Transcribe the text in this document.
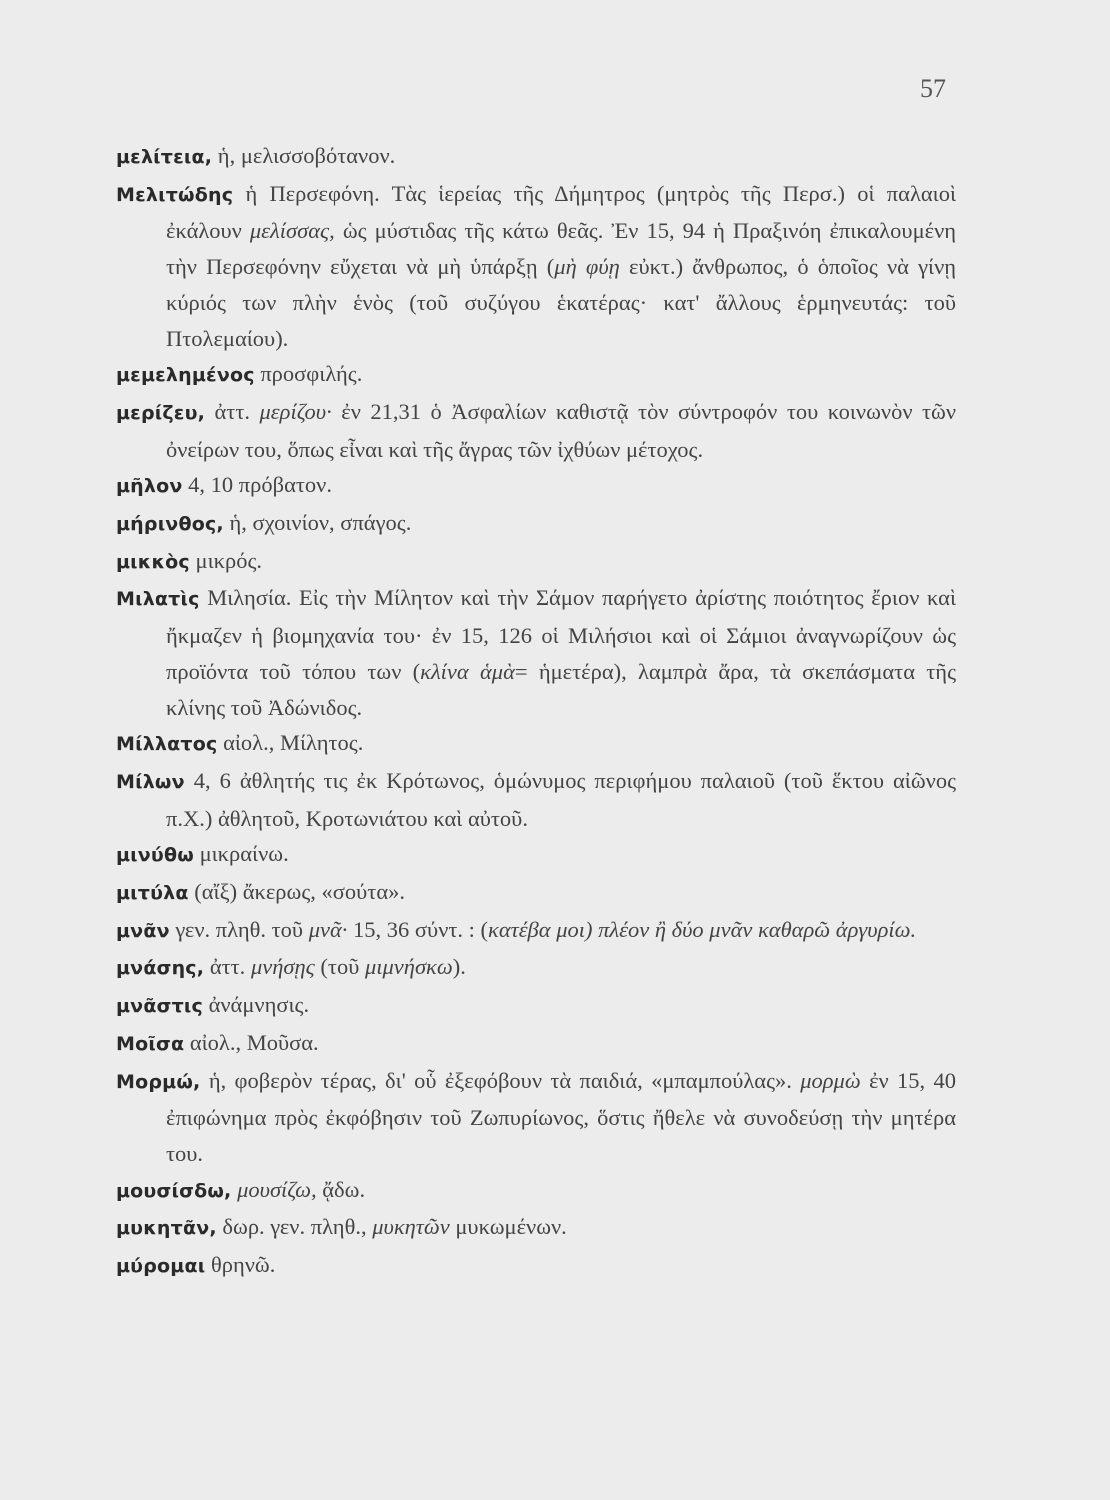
57

μελίτεια, ἡ, μελισσοβότανον.

Μελιτώδης ἡ Περσεφόνη. Τὰς ἱερείας τῆς Δήμητρος (μητρὸς τῆς Περσ.) οἱ παλαιοὶ ἐκάλουν μελίσσας, ὡς μύστιδας τῆς κάτω θεᾶς. Ἐν 15, 94 ἡ Πραξινόη ἐπικαλουμένη τὴν Περσεφόνην εὔχεται νὰ μὴ ὑπάρξῃ (μὴ φύῃ εὐκτ.) ἄνθρωπος, ὁ ὁποῖος νὰ γίνῃ κύριός των πλὴν ἑνὸς (τοῦ συζύγου ἑκατέρας· κατ' ἄλλους ἑρμηνευτάς: τοῦ Πτολεμαίου).

μεμελημένος προσφιλής.

μερίζευ, ἀττ. μερίζου· ἐν 21,31 ὁ Ἀσφαλίων καθιστᾷ τὸν σύντροφόν του κοινωνὸν τῶν ὀνείρων του, ὅπως εἶναι καὶ τῆς ἄγρας τῶν ἰχθύων μέτοχος.

μῆλον 4, 10 πρόβατον.

μήρινθος, ἡ, σχοινίον, σπάγος.

μικκὸς μικρός.

Μιλατὶς Μιλησία. Εἰς τὴν Μίλητον καὶ τὴν Σάμον παρήγετο ἀρίστης ποιότητος ἔριον καὶ ἤκμαζεν ἡ βιομηχανία του· ἐν 15, 126 οἱ Μιλήσιοι καὶ οἱ Σάμιοι ἀναγνωρίζουν ὡς προϊόντα τοῦ τόπου των (κλίνα ἁμὰ= ἡμετέρα), λαμπρὰ ἄρα, τὰ σκεπάσματα τῆς κλίνης τοῦ Ἀδώνιδος.

Μίλλατος αἰολ., Μίλητος.

Μίλων 4, 6 ἀθλητής τις ἐκ Κρότωνος, ὁμώνυμος περιφήμου παλαιοῦ (τοῦ ἕκτου αἰῶνος π.Χ.) ἀθλητοῦ, Κροτωνιάτου καὶ αὐτοῦ.

μινύθω μικραίνω.

μιτύλα (αἴξ) ἄκερως, «σούτα».

μνᾶν γεν. πληθ. τοῦ μνᾶ· 15, 36 σύντ. : (κατέβα μοι) πλέον ἢ δύο μνᾶν καθαρῶ ἀργυρίω.

μνάσης, ἀττ. μνήσῃς (τοῦ μιμνήσκω).

μνᾶστις ἀνάμνησις.

Μοῖσα αἰολ., Μοῦσα.

Μορμώ, ἡ, φοβερὸν τέρας, δι' οὗ ἐξεφόβουν τὰ παιδιά, «μπαμπούλας». μορμὼ ἐν 15, 40 ἐπιφώνημα πρὸς ἐκφόβησιν τοῦ Ζωπυρίωνος, ὅστις ἤθελε νὰ συνοδεύσῃ τὴν μητέρα του.

μουσίσδω, μουσίζω, ᾄδω.

μυκητᾶν, δωρ. γεν. πληθ., μυκητῶν μυκωμένων.

μύρομαι θρηνῶ.
